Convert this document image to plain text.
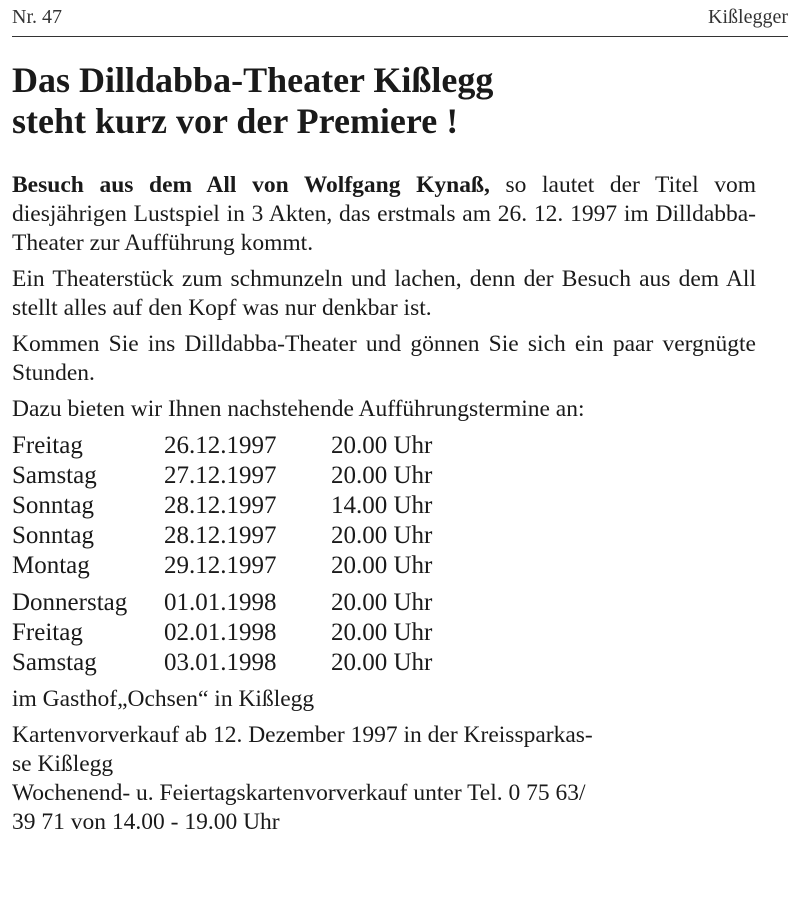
Nr. 47	Kißlegger
Das Dilldabba-Theater Kißlegg
steht kurz vor der Premiere !

Besuch aus dem All von Wolfgang Kynaß, so lautet der Titel vom diesjährigen Lustspiel in 3 Akten, das erstmals am 26. 12. 1997 im Dilldabba-Theater zur Aufführung kommt.

Ein Theaterstück zum schmunzeln und lachen, denn der Besuch aus dem All stellt alles auf den Kopf was nur denkbar ist.

Kommen Sie ins Dilldabba-Theater und gönnen Sie sich ein paar vergnügte Stunden.

Dazu bieten wir Ihnen nachstehende Aufführungstermine an:

Freitag	26.12.1997	20.00 Uhr
Samstag	27.12.1997	20.00 Uhr
Sonntag	28.12.1997	14.00 Uhr
Sonntag	28.12.1997	20.00 Uhr
Montag	29.12.1997	20.00 Uhr
Donnerstag	01.01.1998	20.00 Uhr
Freitag	02.01.1998	20.00 Uhr
Samstag	03.01.1998	20.00 Uhr

im Gasthof„Ochsen“ in Kißlegg

Kartenvorverkauf ab 12. Dezember 1997 in der Kreissparkas-
se Kißlegg
Wochenend- u. Feiertagskartenvorverkauf unter Tel. 0 75 63/
39 71 von 14.00 - 19.00 Uhr
